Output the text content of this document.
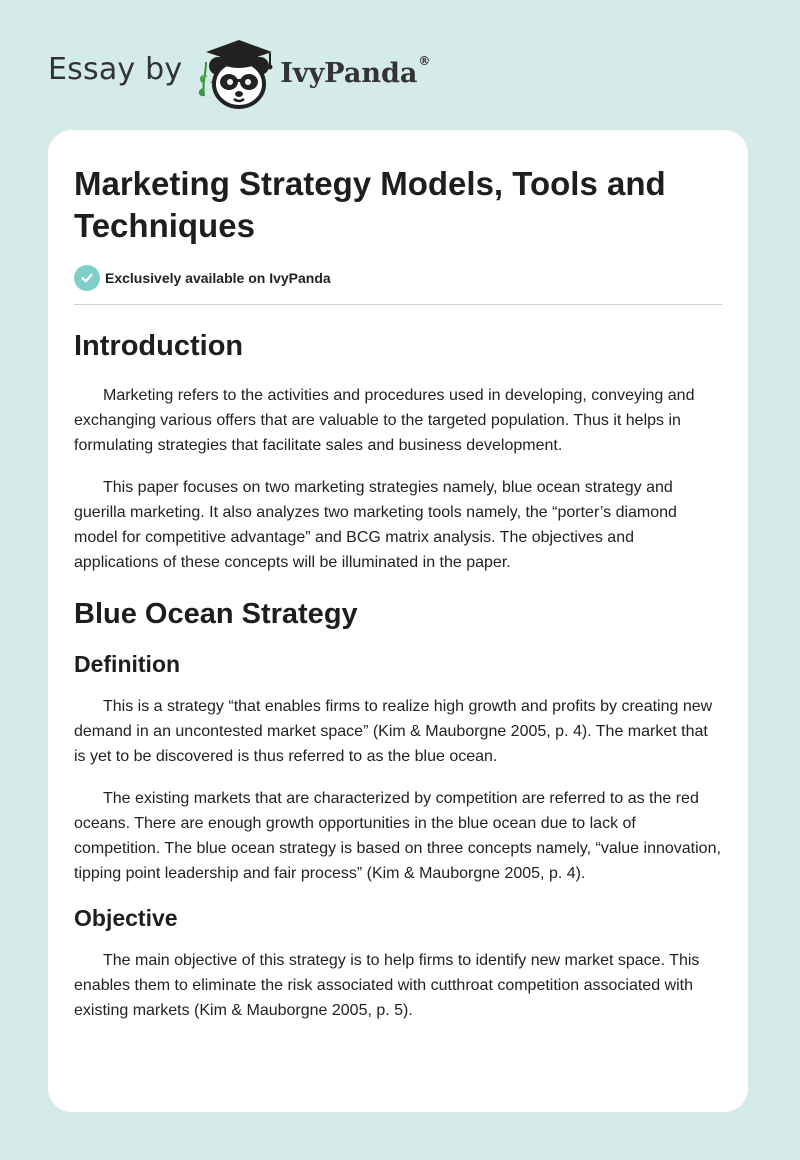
Essay by	IvyPanda®
Marketing Strategy Models, Tools and Techniques
Exclusively available on IvyPanda
Introduction

Marketing refers to the activities and procedures used in developing, conveying and exchanging various offers that are valuable to the targeted population. Thus it helps in formulating strategies that facilitate sales and business development.

This paper focuses on two marketing strategies namely, blue ocean strategy and guerilla marketing. It also analyzes two marketing tools namely, the “porter’s diamond model for competitive advantage” and BCG matrix analysis. The objectives and applications of these concepts will be illuminated in the paper.

Blue Ocean Strategy
Definition

This is a strategy “that enables firms to realize high growth and profits by creating new demand in an uncontested market space” (Kim & Mauborgne 2005, p. 4). The market that is yet to be discovered is thus referred to as the blue ocean.

The existing markets that are characterized by competition are referred to as the red oceans. There are enough growth opportunities in the blue ocean due to lack of competition. The blue ocean strategy is based on three concepts namely, “value innovation, tipping point leadership and fair process” (Kim & Mauborgne 2005, p. 4).

Objective

The main objective of this strategy is to help firms to identify new market space. This enables them to eliminate the risk associated with cutthroat competition associated with existing markets (Kim & Mauborgne 2005, p. 5).
